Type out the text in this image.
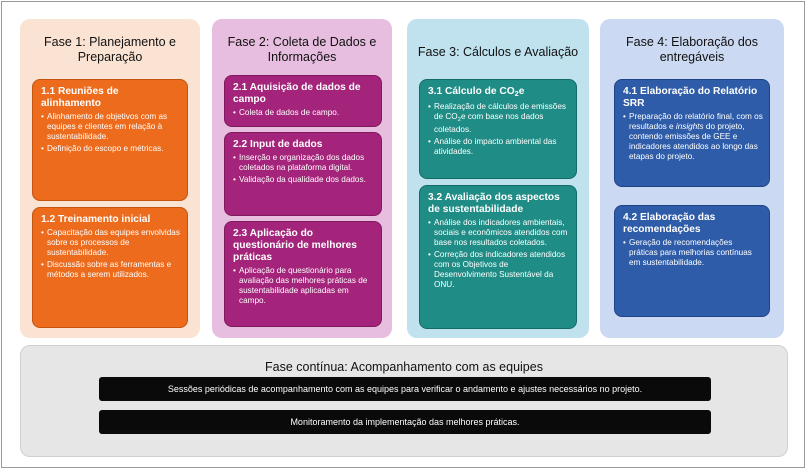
Fase 1: Planejamento e Preparação
1.1 Reuniões de alinhamento
• Alinhamento de objetivos com as equipes e clientes em relação à sustentabilidade.
• Definição do escopo e métricas.
1.2 Treinamento inicial
• Capacitação das equipes envolvidas sobre os processos de sustentabilidade.
• Discussão sobre as ferramentas e métodos a serem utilizados.
Fase 2: Coleta de Dados e Informações
2.1 Aquisição de dados de campo
• Coleta de dados de campo.
2.2 Input de dados
• Inserção e organização dos dados coletados na plataforma digital.
• Validação da qualidade dos dados.
2.3 Aplicação do questionário de melhores práticas
• Aplicação de questionário para avaliação das melhores práticas de sustentabilidade aplicadas em campo.
Fase 3: Cálculos e Avaliação
3.1 Cálculo de $CO_2e$
• Realização de cálculos de emissões de $CO_2e$ com base nos dados coletados.
• Análise do impacto ambiental das atividades.
3.2 Avaliação dos aspectos de sustentabilidade
• Análise dos indicadores ambientais, sociais e econômicos atendidos com base nos resultados coletados.
• Correção dos indicadores atendidos com os Objetivos de Desenvolvimento Sustentável da ONU.
Fase 4: Elaboração dos entregáveis
4.1 Elaboração do Relatório SRR
• Preparação do relatório final, com os resultados e insights do projeto, contendo emissões de GEE e indicadores atendidos ao longo das etapas do projeto.
4.2 Elaboração das recomendações
• Geração de recomendações práticas para melhorias contínuas em sustentabilidade.
Fase contínua: Acompanhamento com as equipes
Sessões periódicas de acompanhamento com as equipes para verificar o andamento e ajustes necessários no projeto.
Monitoramento da implementação das melhores práticas.
